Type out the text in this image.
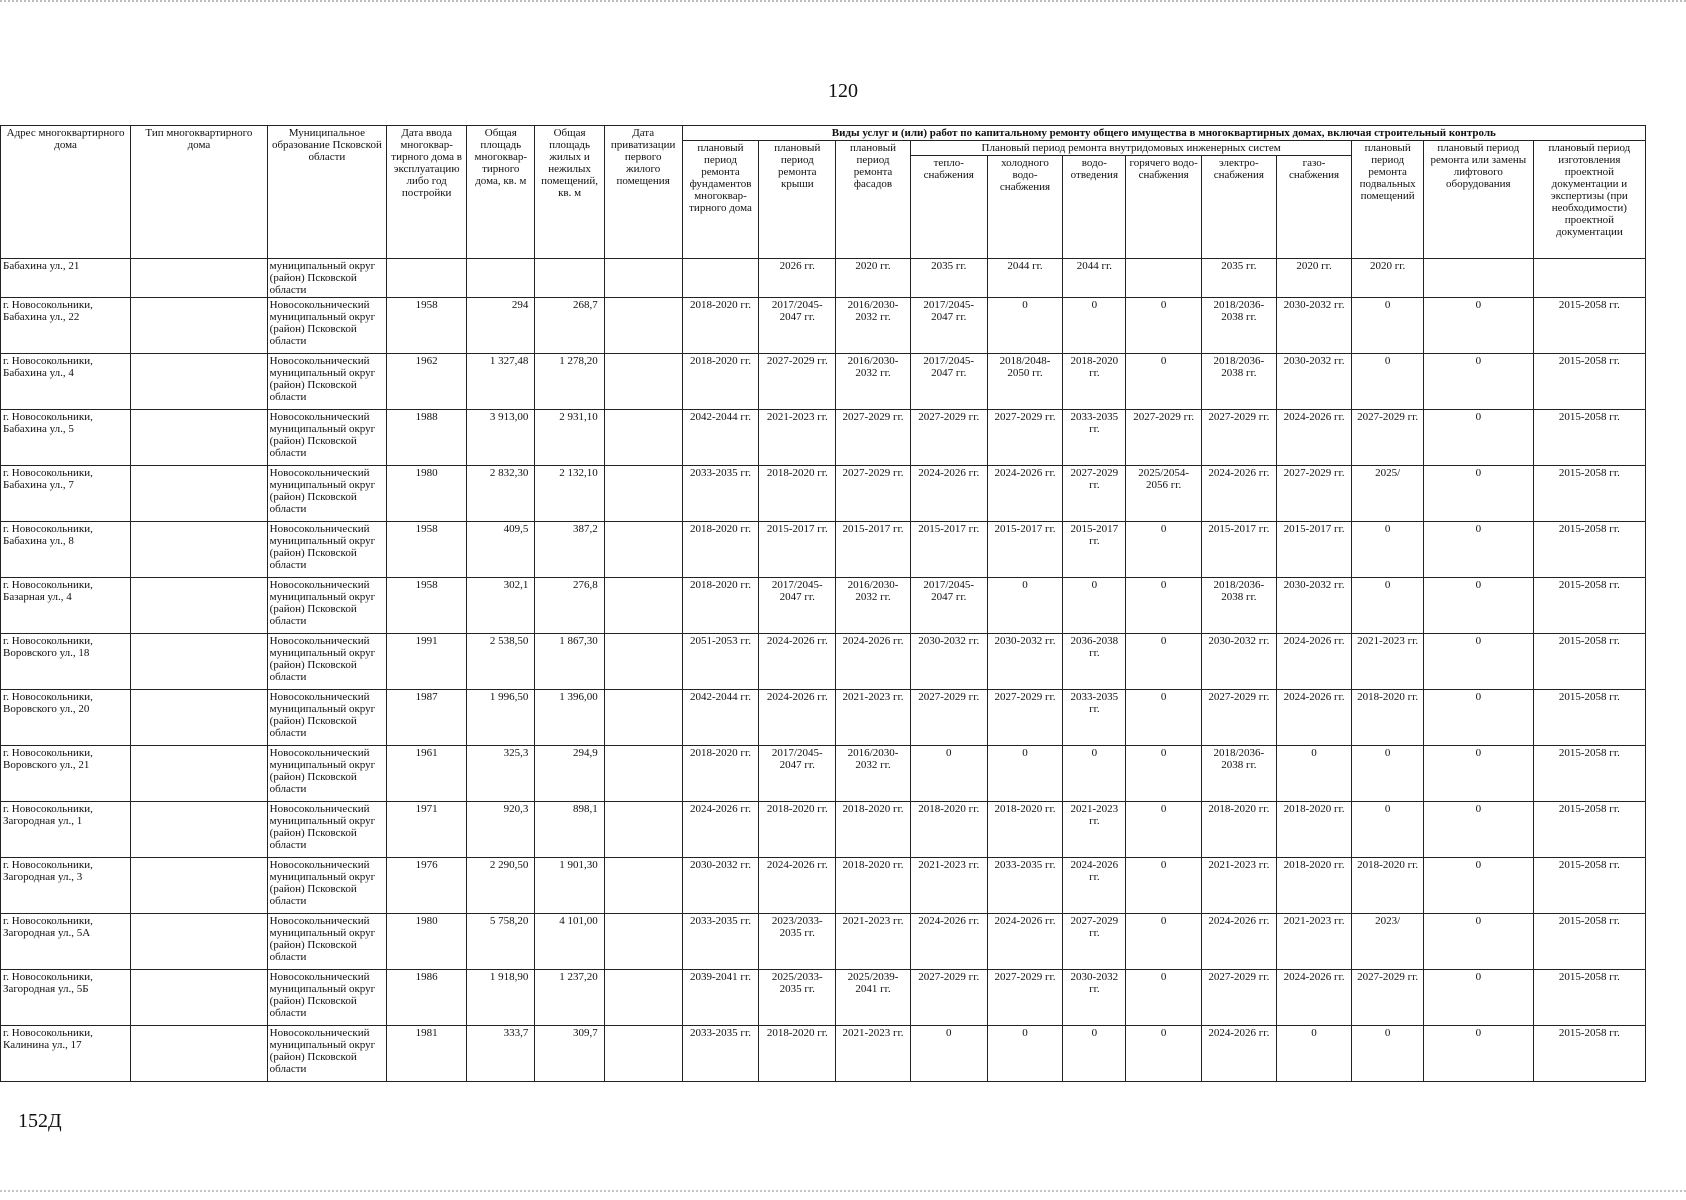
120
Адрес многоквартирного дома	Тип многоквартирного дома	Муниципальное образование Псковской области	Дата ввода многоквар-тирного дома в эксплуатацию либо год постройки	Общая площадь многоквар-тирного дома, кв. м	Общая площадь жилых и нежилых помещений, кв. м	Дата приватизации первого жилого помещения	Виды услуг и (или) работ по капитальному ремонту общего имущества в многоквартирных домах, включая строительный контроль											
							плановый период ремонта фундаментов многоквар-тирного дома	плановый период ремонта крыши	плановый период ремонта фасадов	Плановый период ремонта внутридомовых инженерных систем						плановый период ремонта подвальных помещений	плановый период ремонта или замены лифтового оборудования	плановый период изготовления проектной документации и экспертизы (при необходимости) проектной документации
										тепло-снабжения	холодного водо-снабжения	водо-отведения	горячего водо-снабжения	электро-снабжения	газо-снабжения			
Бабахина ул., 21		муниципальный округ (район) Псковской области						2026 гг.	2020 гг.	2035 гг.	2044 гг.	2044 гг.		2035 гг.	2020 гг.	2020 гг.		
г. Новосокольники, Бабахина ул., 22		Новосокольнический муниципальный округ (район) Псковской области	1958	294	268,7		2018-2020 гг.	2017/2045-2047 гг.	2016/2030-2032 гг.	2017/2045-2047 гг.	0	0	0	2018/2036-2038 гг.	2030-2032 гг.	0	0	2015-2058 гг.
г. Новосокольники, Бабахина ул., 4		Новосокольнический муниципальный округ (район) Псковской области	1962	1 327,48	1 278,20		2018-2020 гг.	2027-2029 гг.	2016/2030-2032 гг.	2017/2045-2047 гг.	2018/2048-2050 гг.	2018-2020 гг.	0	2018/2036-2038 гг.	2030-2032 гг.	0	0	2015-2058 гг.
г. Новосокольники, Бабахина ул., 5		Новосокольнический муниципальный округ (район) Псковской области	1988	3 913,00	2 931,10		2042-2044 гг.	2021-2023 гг.	2027-2029 гг.	2027-2029 гг.	2027-2029 гг.	2033-2035 гг.	2027-2029 гг.	2027-2029 гг.	2024-2026 гг.	2027-2029 гг.	0	2015-2058 гг.
г. Новосокольники, Бабахина ул., 7		Новосокольнический муниципальный округ (район) Псковской области	1980	2 832,30	2 132,10		2033-2035 гг.	2018-2020 гг.	2027-2029 гг.	2024-2026 гг.	2024-2026 гг.	2027-2029 гг.	2025/2054-2056 гг.	2024-2026 гг.	2027-2029 гг.	2025/	0	2015-2058 гг.
г. Новосокольники, Бабахина ул., 8		Новосокольнический муниципальный округ (район) Псковской области	1958	409,5	387,2		2018-2020 гг.	2015-2017 гг.	2015-2017 гг.	2015-2017 гг.	2015-2017 гг.	2015-2017 гг.	0	2015-2017 гг.	2015-2017 гг.	0	0	2015-2058 гг.
г. Новосокольники, Базарная ул., 4		Новосокольнический муниципальный округ (район) Псковской области	1958	302,1	276,8		2018-2020 гг.	2017/2045-2047 гг.	2016/2030-2032 гг.	2017/2045-2047 гг.	0	0	0	2018/2036-2038 гг.	2030-2032 гг.	0	0	2015-2058 гг.
г. Новосокольники, Воровского ул., 18		Новосокольнический муниципальный округ (район) Псковской области	1991	2 538,50	1 867,30		2051-2053 гг.	2024-2026 гг.	2024-2026 гг.	2030-2032 гг.	2030-2032 гг.	2036-2038 гг.	0	2030-2032 гг.	2024-2026 гг.	2021-2023 гг.	0	2015-2058 гг.
г. Новосокольники, Воровского ул., 20		Новосокольнический муниципальный округ (район) Псковской области	1987	1 996,50	1 396,00		2042-2044 гг.	2024-2026 гг.	2021-2023 гг.	2027-2029 гг.	2027-2029 гг.	2033-2035 гг.	0	2027-2029 гг.	2024-2026 гг.	2018-2020 гг.	0	2015-2058 гг.
г. Новосокольники, Воровского ул., 21		Новосокольнический муниципальный округ (район) Псковской области	1961	325,3	294,9		2018-2020 гг.	2017/2045-2047 гг.	2016/2030-2032 гг.	0	0	0	0	2018/2036-2038 гг.	0	0	0	2015-2058 гг.
г. Новосокольники, Загородная ул., 1		Новосокольнический муниципальный округ (район) Псковской области	1971	920,3	898,1		2024-2026 гг.	2018-2020 гг.	2018-2020 гг.	2018-2020 гг.	2018-2020 гг.	2021-2023 гг.	0	2018-2020 гг.	2018-2020 гг.	0	0	2015-2058 гг.
г. Новосокольники, Загородная ул., 3		Новосокольнический муниципальный округ (район) Псковской области	1976	2 290,50	1 901,30		2030-2032 гг.	2024-2026 гг.	2018-2020 гг.	2021-2023 гг.	2033-2035 гг.	2024-2026 гг.	0	2021-2023 гг.	2018-2020 гг.	2018-2020 гг.	0	2015-2058 гг.
г. Новосокольники, Загородная ул., 5А		Новосокольнический муниципальный округ (район) Псковской области	1980	5 758,20	4 101,00		2033-2035 гг.	2023/2033-2035 гг.	2021-2023 гг.	2024-2026 гг.	2024-2026 гг.	2027-2029 гг.	0	2024-2026 гг.	2021-2023 гг.	2023/	0	2015-2058 гг.
г. Новосокольники, Загородная ул., 5Б		Новосокольнический муниципальный округ (район) Псковской области	1986	1 918,90	1 237,20		2039-2041 гг.	2025/2033-2035 гг.	2025/2039-2041 гг.	2027-2029 гг.	2027-2029 гг.	2030-2032 гг.	0	2027-2029 гг.	2024-2026 гг.	2027-2029 гг.	0	2015-2058 гг.
г. Новосокольники, Калинина ул., 17		Новосокольнический муниципальный округ (район) Псковской области	1981	333,7	309,7		2033-2035 гг.	2018-2020 гг.	2021-2023 гг.	0	0	0	0	2024-2026 гг.	0	0	0	2015-2058 гг.
152Д
